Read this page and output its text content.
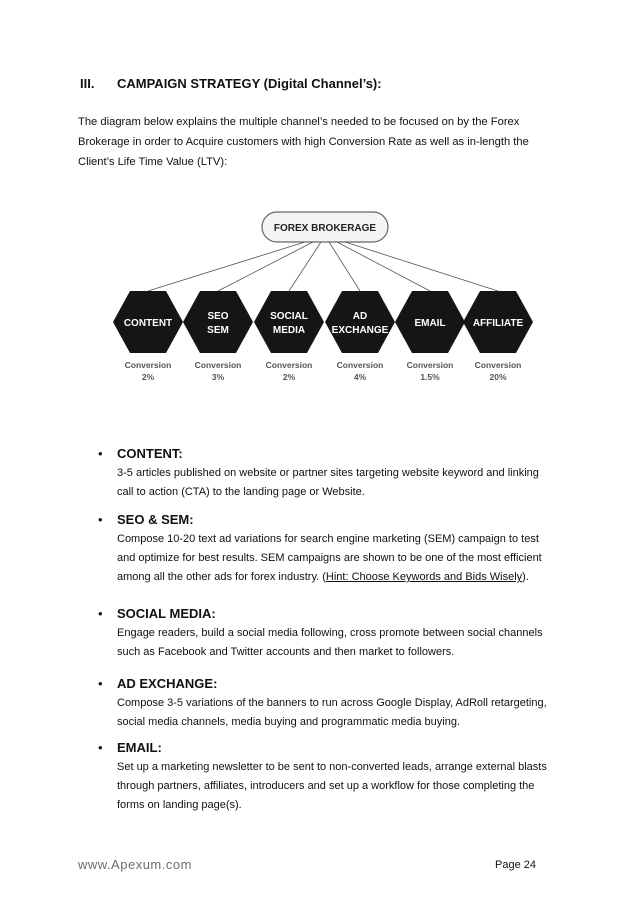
III. CAMPAIGN STRATEGY (Digital Channel’s):
The diagram below explains the multiple channel’s needed to be focused on by the Forex Brokerage in order to Acquire customers with high Conversion Rate as well as in-length the Client’s Life Time Value (LTV):
FOREX BROKERAGE
CONTENT
Conversion
2%
SEO
SEM
Conversion
3%
SOCIAL
MEDIA
Conversion
2%
AD
EXCHANGE
Conversion
4%
EMAIL
Conversion
1.5%
AFFILIATE
Conversion
20%
• CONTENT:
3-5 articles published on website or partner sites targeting website keyword and linking call to action (CTA) to the landing page or Website.
• SEO & SEM:
Compose 10-20 text ad variations for search engine marketing (SEM) campaign to test and optimize for best results. SEM campaigns are shown to be one of the most efficient among all the other ads for forex industry. (Hint: Choose Keywords and Bids Wisely).
• SOCIAL MEDIA:
Engage readers, build a social media following, cross promote between social channels such as Facebook and Twitter accounts and then market to followers.
• AD EXCHANGE:
Compose 3-5 variations of the banners to run across Google Display, AdRoll retargeting, social media channels, media buying and programmatic media buying.
• EMAIL:
Set up a marketing newsletter to be sent to non-converted leads, arrange external blasts through partners, affiliates, introducers and set up a workflow for those completing the forms on landing page(s).
www.Apexum.com	Page 24
